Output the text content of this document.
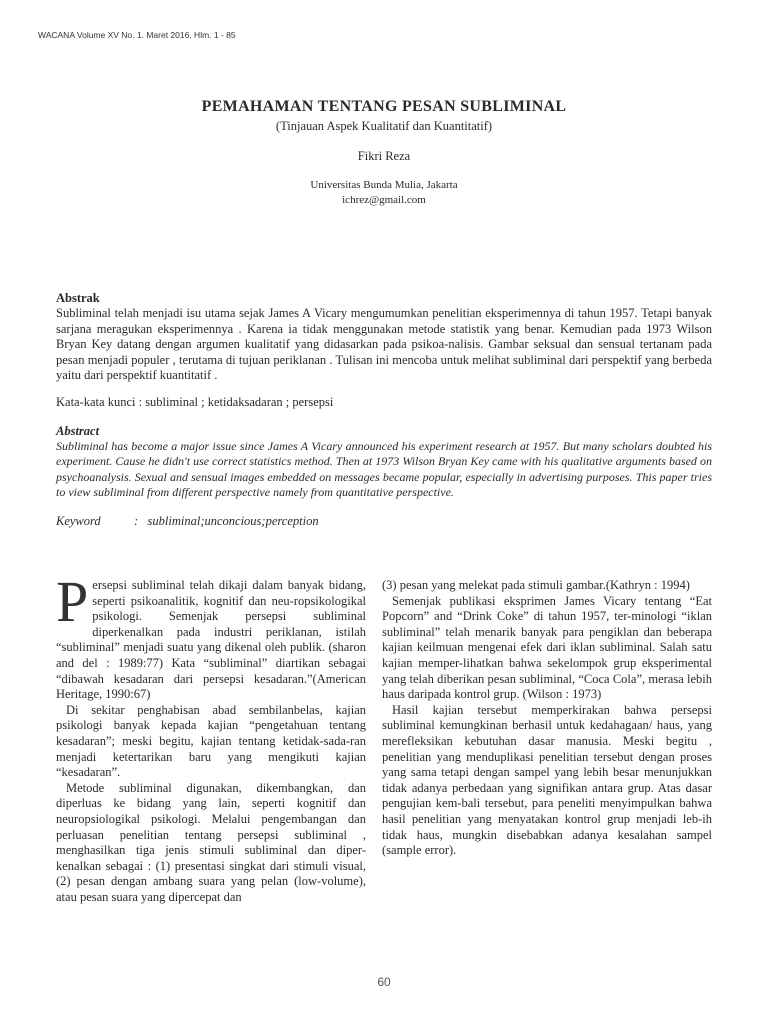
WACANA Volume XV No. 1. Maret 2016, Hlm. 1 - 85
PEMAHAMAN TENTANG PESAN SUBLIMINAL
(Tinjauan Aspek Kualitatif dan Kuantitatif)
Fikri Reza
Universitas Bunda Mulia, Jakarta
ichrez@gmail.com
Abstrak
Subliminal telah menjadi isu utama sejak James A Vicary mengumumkan penelitian eksperimennya di tahun 1957. Tetapi banyak sarjana meragukan eksperimennya . Karena ia tidak menggunakan metode statistik yang benar. Kemudian pada 1973 Wilson Bryan Key datang dengan argumen kualitatif yang didasarkan pada psikoa-nalisis. Gambar seksual dan sensual tertanam pada pesan menjadi populer , terutama di tujuan periklanan . Tulisan ini mencoba untuk melihat subliminal dari perspektif yang berbeda yaitu dari perspektif kuantitatif .
Kata-kata kunci : subliminal ; ketidaksadaran ; persepsi
Abstract
Subliminal has become a major issue since James A Vicary announced his experiment research at 1957. But many scholars doubted his experiment. Cause he didn't use correct statistics method. Then at 1973 Wilson Bryan Key came with his qualitative arguments based on psychoanalysis. Sexual and sensual images embedded on messages became popular, especially in advertising purposes. This paper tries to view subliminal from different perspective namely from quantitative perspective.
Keyword	: subliminal;unconcious;perception

Persepsi subliminal telah dikaji dalam banyak bidang, seperti psikoanalitik, kognitif dan neu-ropsikologikal psikologi. Semenjak persepsi subliminal diperkenalkan pada industri periklanan, istilah “subliminal” menjadi suatu yang dikenal oleh publik. (sharon and del : 1989:77) Kata “subliminal” diartikan sebagai “dibawah kesadaran dari persepsi kesadaran.”(American Heritage, 1990:67)

Di sekitar penghabisan abad sembilanbelas, kajian psikologi banyak kepada kajian “pengetahuan tentang kesadaran”; meski begitu, kajian tentang ketidak-sada-ran menjadi ketertarikan baru yang mengikuti kajian “kesadaran”.

Metode subliminal digunakan, dikembangkan, dan diperluas ke bidang yang lain, seperti kognitif dan neuropsiologikal psikologi. Melalui pengembangan dan perluasan penelitian tentang persepsi subliminal , menghasilkan tiga jenis stimuli subliminal dan diper-kenalkan sebagai : (1) presentasi singkat dari stimuli visual, (2) pesan dengan ambang suara yang pelan (low-volume), atau pesan suara yang dipercepat dan

(3) pesan yang melekat pada stimuli gambar.(Kathryn : 1994)

Semenjak publikasi eksprimen James Vicary tentang “Eat Popcorn” and “Drink Coke” di tahun 1957, ter-minologi “iklan subliminal” telah menarik banyak para pengiklan dan beberapa kajian keilmuan mengenai efek dari iklan subliminal. Salah satu kajian memper-lihatkan bahwa sekelompok grup eksperimental yang telah diberikan pesan subliminal, “Coca Cola”, merasa lebih haus daripada kontrol grup. (Wilson : 1973)

Hasil kajian tersebut memperkirakan bahwa persepsi subliminal kemungkinan berhasil untuk kedahagaan/ haus, yang merefleksikan kebutuhan dasar manusia. Meski begitu , penelitian yang menduplikasi penelitian tersebut dengan proses yang sama tetapi dengan sampel yang lebih besar menunjukkan tidak adanya perbedaan yang signifikan antara grup. Atas dasar pengujian kem-bali tersebut, para peneliti menyimpulkan bahwa hasil penelitian yang menyatakan kontrol grup menjadi leb-ih tidak haus, mungkin disebabkan adanya kesalahan sampel (sample error).

60
